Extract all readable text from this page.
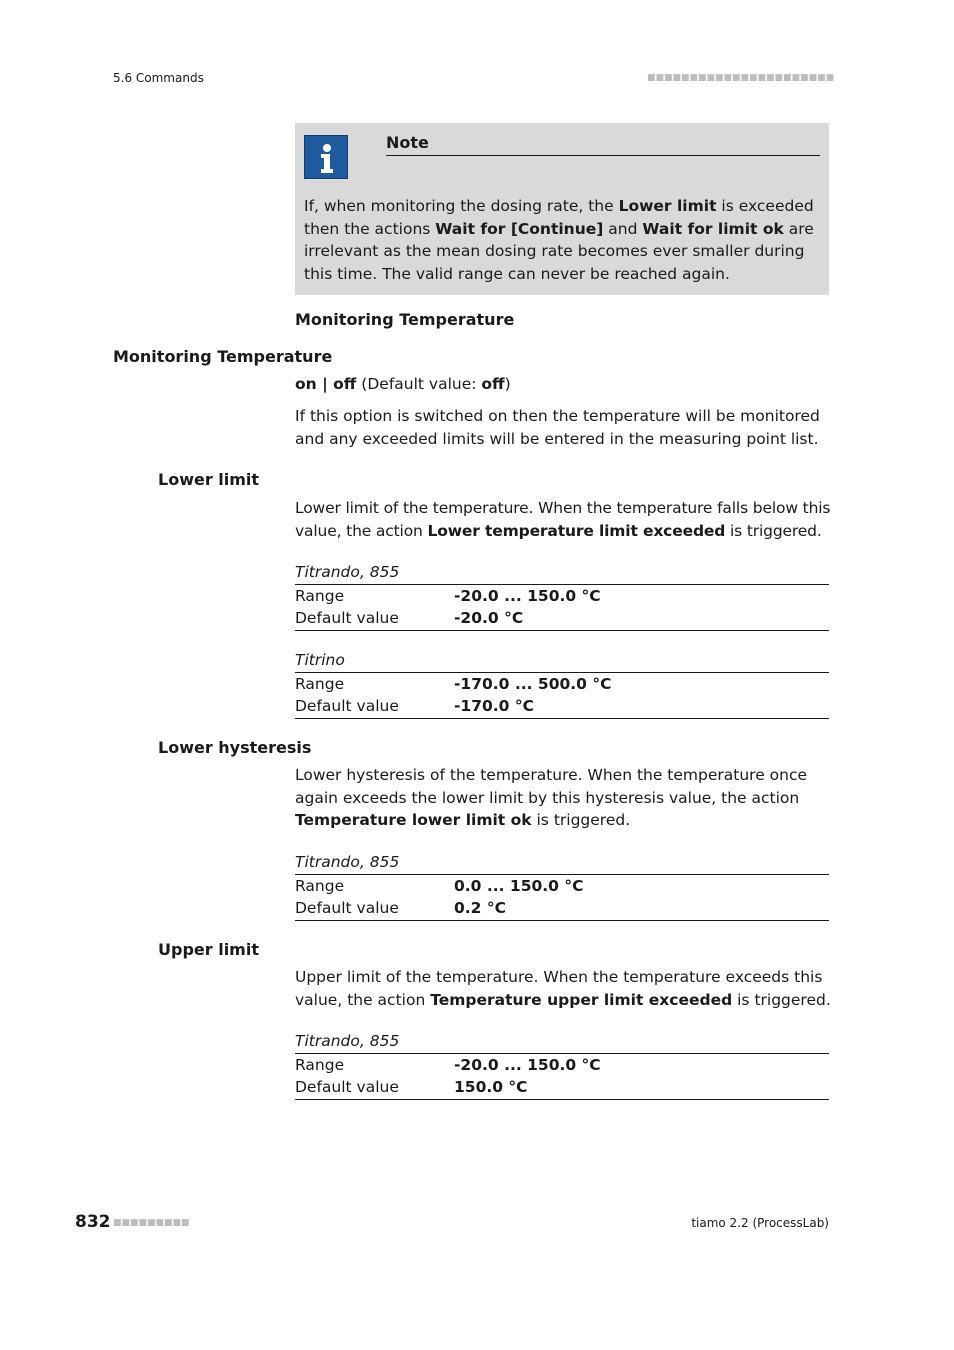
5.6 Commands	■■■■■■■■■■■■■■■■■■■■■■
Note
If, when monitoring the dosing rate, the Lower limit is exceeded then the actions Wait for [Continue] and Wait for limit ok are irrelevant as the mean dosing rate becomes ever smaller during this time. The valid range can never be reached again.
Monitoring Temperature
Monitoring Temperature
on | off (Default value: off)
If this option is switched on then the temperature will be monitored and any exceeded limits will be entered in the measuring point list.
Lower limit
Lower limit of the temperature. When the temperature falls below this value, the action Lower temperature limit exceeded is triggered.
Titrando, 855
Range	-20.0 ... 150.0 °C
Default value	-20.0 °C
Titrino
Range	-170.0 ... 500.0 °C
Default value	-170.0 °C
Lower hysteresis
Lower hysteresis of the temperature. When the temperature once again exceeds the lower limit by this hysteresis value, the action Temperature lower limit ok is triggered.
Titrando, 855
Range	0.0 ... 150.0 °C
Default value	0.2 °C
Upper limit
Upper limit of the temperature. When the temperature exceeds this value, the action Temperature upper limit exceeded is triggered.
Titrando, 855
Range	-20.0 ... 150.0 °C
Default value	150.0 °C
832 ■■■■■■■■■	tiamo 2.2 (ProcessLab)
